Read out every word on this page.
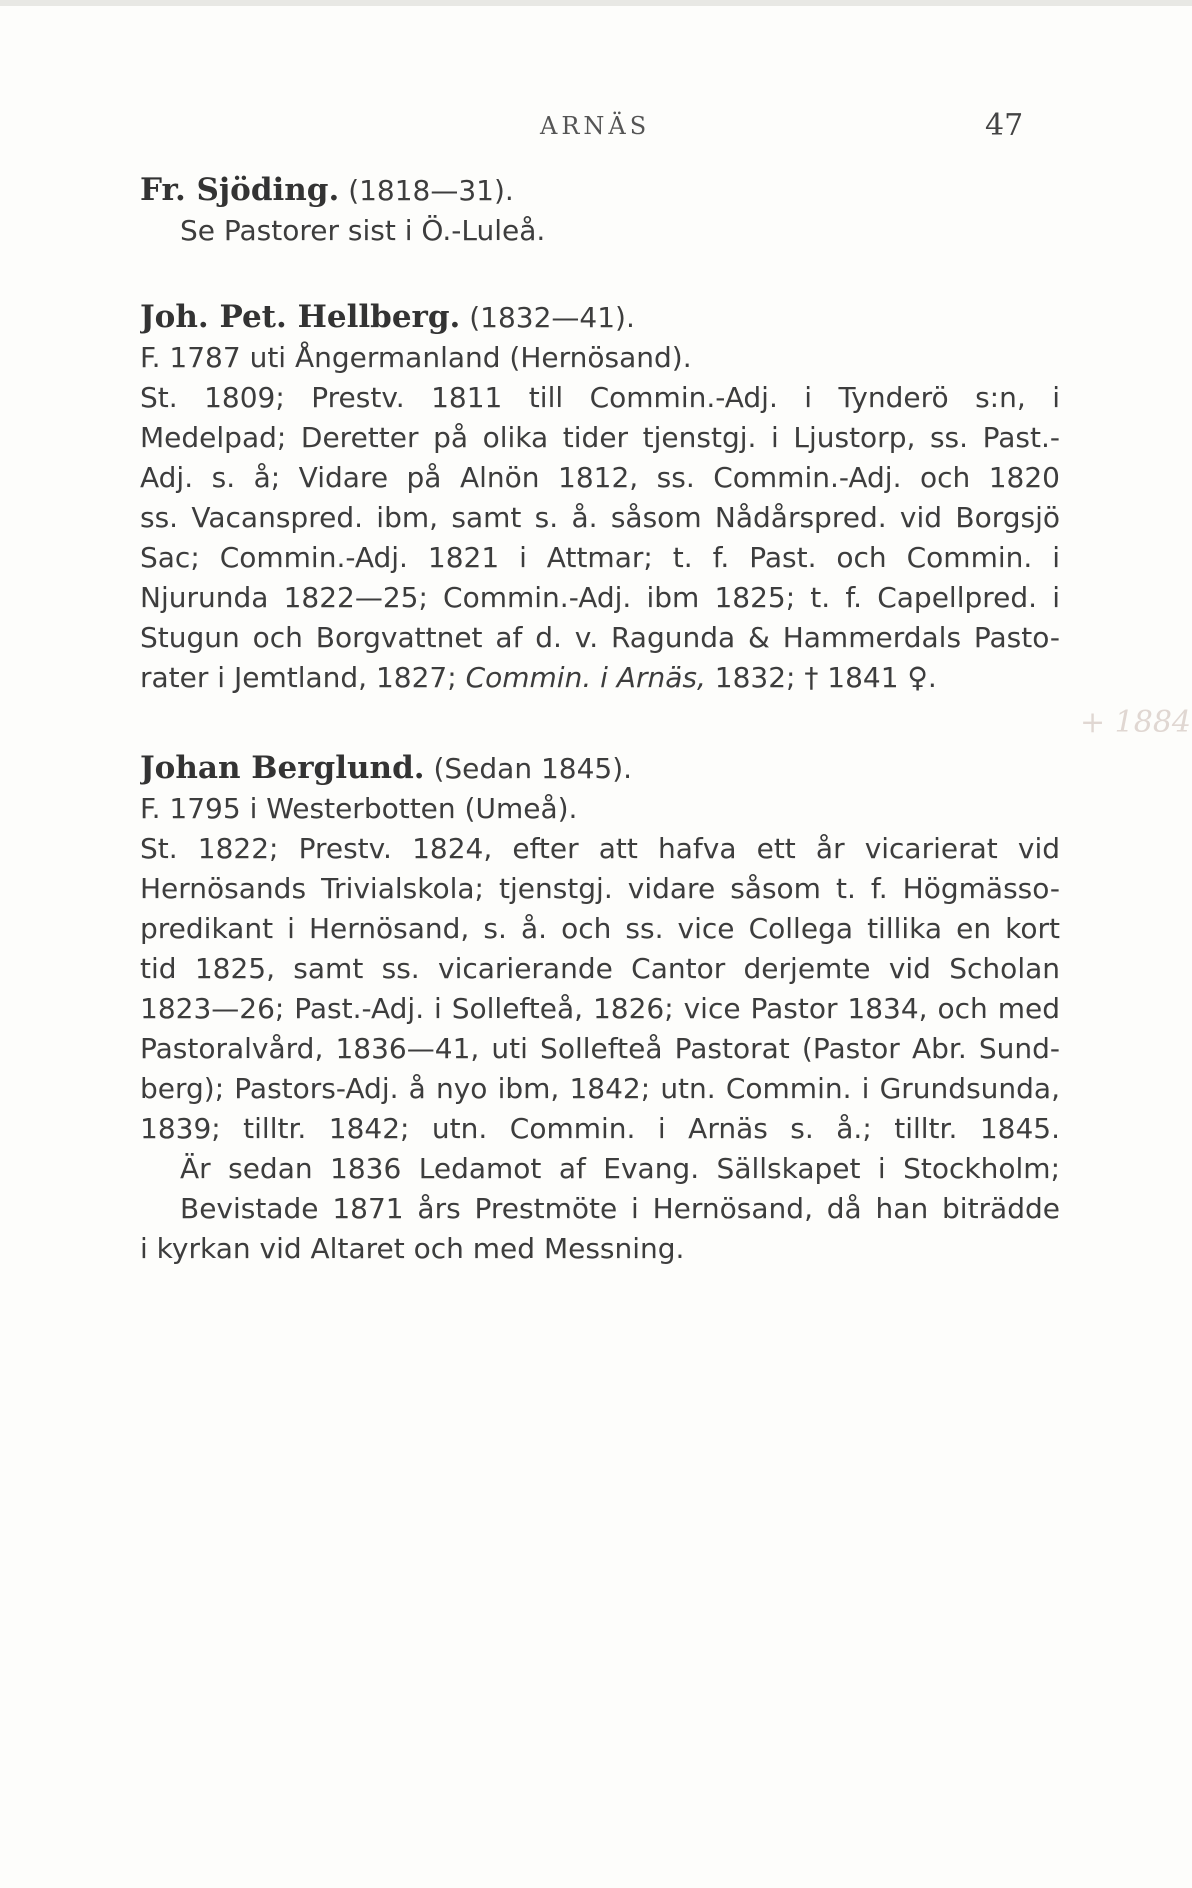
ARNÄS	47
+ 1884
Fr. Sjöding. (1818—31).
Se Pastorer sist i Ö.-Luleå.
Joh. Pet. Hellberg. (1832—41).
F. 1787 uti Ångermanland (Hernösand).
St. 1809; Prestv. 1811 till Commin.-Adj. i Tynderö s:n, i
Medelpad; Deretter på olika tider tjenstgj. i Ljustorp, ss. Past.-
Adj. s. å; Vidare på Alnön 1812, ss. Commin.-Adj. och 1820
ss. Vacanspred. ibm, samt s. å. såsom Nådårspred. vid Borgsjö
Sac; Commin.-Adj. 1821 i Attmar; t. f. Past. och Commin. i
Njurunda 1822—25; Commin.-Adj. ibm 1825; t. f. Capellpred. i
Stugun och Borgvattnet af d. v. Ragunda & Hammerdals Pasto-
rater i Jemtland, 1827; Commin. i Arnäs, 1832; † 1841 ♀.
Johan Berglund. (Sedan 1845).
F. 1795 i Westerbotten (Umeå).
St. 1822; Prestv. 1824, efter att hafva ett år vicarierat vid
Hernösands Trivialskola; tjenstgj. vidare såsom t. f. Högmässo-
predikant i Hernösand, s. å. och ss. vice Collega tillika en kort
tid 1825, samt ss. vicarierande Cantor derjemte vid Scholan
1823—26; Past.-Adj. i Sollefteå, 1826; vice Pastor 1834, och med
Pastoralvård, 1836—41, uti Sollefteå Pastorat (Pastor Abr. Sund-
berg); Pastors-Adj. å nyo ibm, 1842; utn. Commin. i Grundsunda,
1839; tilltr. 1842; utn. Commin. i Arnäs s. å.; tilltr. 1845.
Är sedan 1836 Ledamot af Evang. Sällskapet i Stockholm;
Bevistade 1871 års Prestmöte i Hernösand, då han biträdde
i kyrkan vid Altaret och med Messning.
